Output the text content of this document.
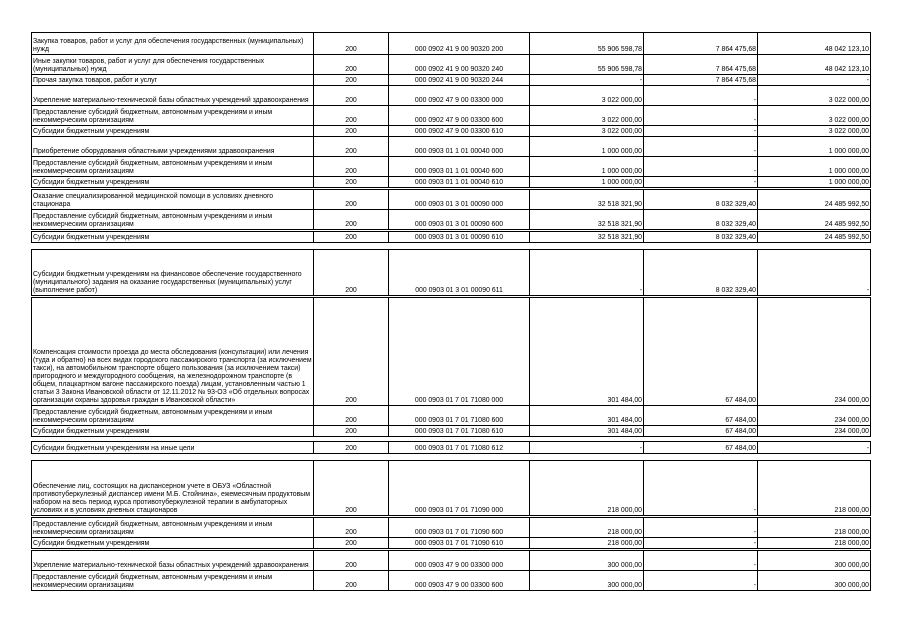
Закупка товаров, работ и услуг для обеспечения государственных (муниципальных) нужд	200	000 0902 41 9 00 90320 200	55 906 598,78	7 864 475,68	48 042 123,10
Иные закупки товаров, работ и услуг для обеспечения государственных (муниципальных) нужд	200	000 0902 41 9 00 90320 240	55 906 598,78	7 864 475,68	48 042 123,10
Прочая закупка товаров, работ и услуг	200	000 0902 41 9 00 90320 244	-	7 864 475,68	-
Укрепление материально-технической базы областных учреждений здравоохранения	200	000 0902 47 9 00 03300 000	3 022 000,00	-	3 022 000,00
Предоставление субсидий бюджетным, автономным учреждениям и иным некоммерческим организациям	200	000 0902 47 9 00 03300 600	3 022 000,00	-	3 022 000,00
Субсидии бюджетным учреждениям	200	000 0902 47 9 00 03300 610	3 022 000,00	-	3 022 000,00
Приобретение оборудования областными учреждениями здравоохранения	200	000 0903 01 1 01 00040 000	1 000 000,00	-	1 000 000,00
Предоставление субсидий бюджетным, автономным учреждениям и иным некоммерческим организациям	200	000 0903 01 1 01 00040 600	1 000 000,00	-	1 000 000,00
Субсидии бюджетным учреждениям	200	000 0903 01 1 01 00040 610	1 000 000,00	-	1 000 000,00

Оказание специализированной медицинской помощи в условиях дневного стационара	200	000 0903 01 3 01 00090 000	32 518 321,90	8 032 329,40	24 485 992,50
Предоставление субсидий бюджетным, автономным учреждениям и иным некоммерческим организациям	200	000 0903 01 3 01 00090 600	32 518 321,90	8 032 329,40	24 485 992,50

Субсидии бюджетным учреждениям	200	000 0903 01 3 01 00090 610	32 518 321,90	8 032 329,40	24 485 992,50

Субсидии бюджетным учреждениям на финансовое обеспечение государственного (муниципального) задания на оказание государственных (муниципальных) услуг (выполнение работ)	200	000 0903 01 3 01 00090 611	-	8 032 329,40	-

Компенсация стоимости проезда до места обследования (консультации) или лечения (туда и обратно) на всех видах городского пассажирского транспорта (за исключением такси), на автомобильном транспорте общего пользования (за исключением такси) пригородного и междугородного сообщения, на железнодорожном транспорте (в общем, плацкартном вагоне пассажирского поезда) лицам, установленным частью 1 статьи 3 Закона Ивановской области от 12.11.2012 № 93-ОЗ «Об отдельных вопросах организации охраны здоровья граждан в Ивановской области»	200	000 0903 01 7 01 71080 000	301 484,00	67 484,00	234 000,00
Предоставление субсидий бюджетным, автономным учреждениям и иным некоммерческим организациям	200	000 0903 01 7 01 71080 600	301 484,00	67 484,00	234 000,00
Субсидии бюджетным учреждениям	200	000 0903 01 7 01 71080 610	301 484,00	67 484,00	234 000,00

Субсидии бюджетным учреждениям на иные цели	200	000 0903 01 7 01 71080 612	-	67 484,00	-

Обеспечение лиц, состоящих на диспансерном учете в ОБУЗ «Областной противотуберкулезный диспансер имени М.Б. Стойнина», ежемесячным продуктовым набором на весь период курса противотуберкулезной терапии в амбулаторных условиях и в условиях дневных стационаров	200	000 0903 01 7 01 71090 000	218 000,00	-	218 000,00

Предоставление субсидий бюджетным, автономным учреждениям и иным некоммерческим организациям	200	000 0903 01 7 01 71090 600	218 000,00	-	218 000,00
Субсидии бюджетным учреждениям	200	000 0903 01 7 01 71090 610	218 000,00	-	218 000,00

Укрепление материально-технической базы областных учреждений здравоохранения	200	000 0903 47 9 00 03300 000	300 000,00	-	300 000,00
Предоставление субсидий бюджетным, автономным учреждениям и иным некоммерческим организациям	200	000 0903 47 9 00 03300 600	300 000,00	-	300 000,00
